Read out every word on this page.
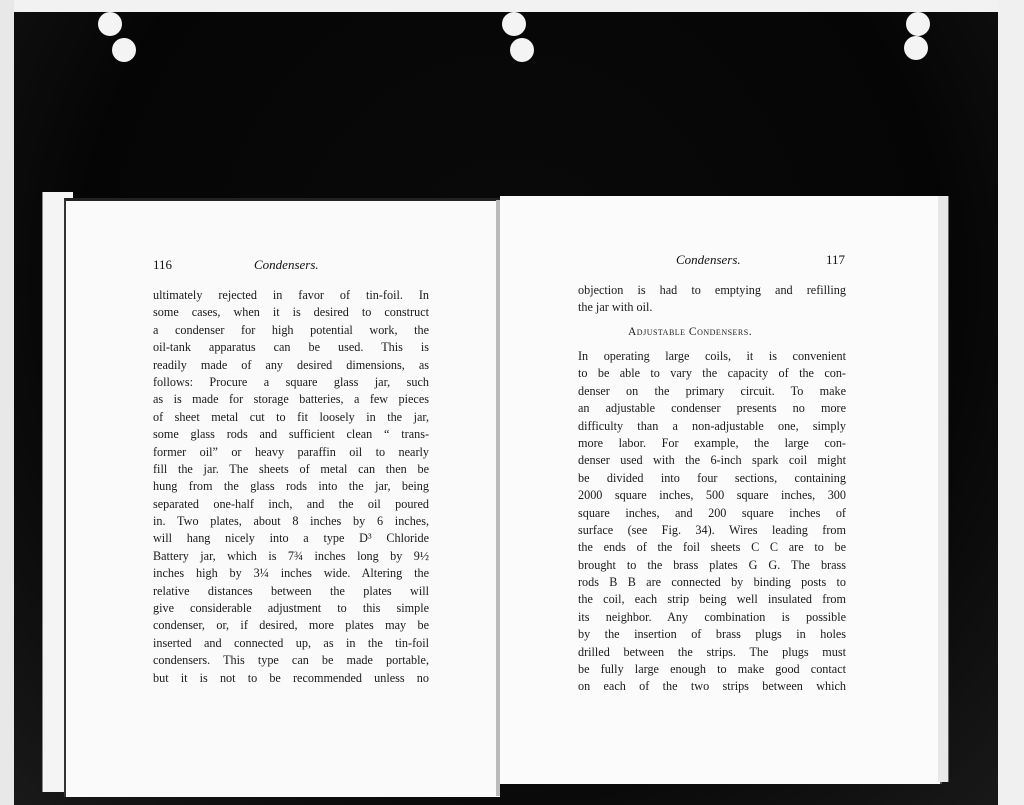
116	Condensers.
ultimately rejected in favor of tin-foil. In
some cases, when it is desired to construct
a condenser for high potential work, the
oil-tank apparatus can be used. This is
readily made of any desired dimensions, as
follows: Procure a square glass jar, such
as is made for storage batteries, a few pieces
of sheet metal cut to fit loosely in the jar,
some glass rods and sufficient clean “ trans-
former oil” or heavy paraffin oil to nearly
fill the jar. The sheets of metal can then be
hung from the glass rods into the jar, being
separated one-half inch, and the oil poured
in. Two plates, about 8 inches by 6 inches,
will hang nicely into a type D³ Chloride
Battery jar, which is 7¾ inches long by 9½
inches high by 3¼ inches wide. Altering the
relative distances between the plates will
give considerable adjustment to this simple
condenser, or, if desired, more plates may be
inserted and connected up, as in the tin-foil
condensers. This type can be made portable,
but it is not to be recommended unless no
Condensers.	117
objection is had to emptying and refilling
the jar with oil.
Adjustable Condensers.
In operating large coils, it is convenient
to be able to vary the capacity of the con-
denser on the primary circuit. To make
an adjustable condenser presents no more
difficulty than a non-adjustable one, simply
more labor. For example, the large con-
denser used with the 6-inch spark coil might
be divided into four sections, containing
2000 square inches, 500 square inches, 300
square inches, and 200 square inches of
surface (see Fig. 34). Wires leading from
the ends of the foil sheets C C are to be
brought to the brass plates G G. The brass
rods B B are connected by binding posts to
the coil, each strip being well insulated from
its neighbor. Any combination is possible
by the insertion of brass plugs in holes
drilled between the strips. The plugs must
be fully large enough to make good contact
on each of the two strips between which
